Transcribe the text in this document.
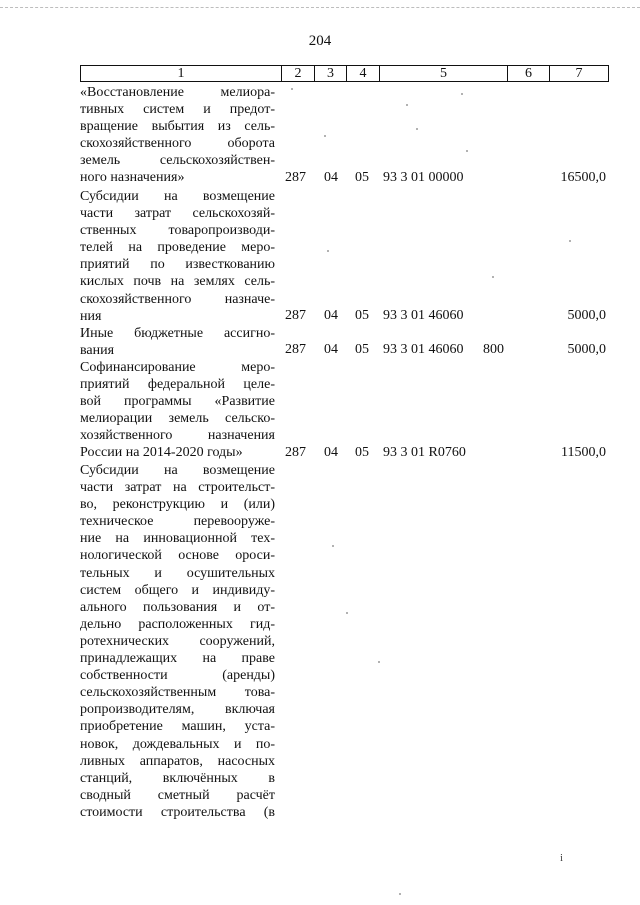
204
1	2	3	4	5	6	7
«Восстановление мелиора-
тивных систем и предот-
вращение выбытия из сель-
скохозяйственного оборота
земель сельскохозяйствен-
ного назначения»	287 04 05 93 3 01 00000	16500,0
Субсидии на возмещение
части затрат сельскохозяй-
ственных товаропроизводи-
телей на проведение меро-
приятий по известкованию
кислых почв на землях сель-
скохозяйственного назначе-
ния	287 04 05 93 3 01 46060	5000,0
Иные бюджетные ассигно-
вания	287 04 05 93 3 01 46060 800	5000,0
Софинансирование меро-
приятий федеральной целе-
вой программы «Развитие
мелиорации земель сельско-
хозяйственного назначения
России на 2014-2020 годы»	287 04 05 93 3 01 R0760	11500,0
Субсидии на возмещение
части затрат на строительст-
во, реконструкцию и (или)
техническое перевооруже-
ние на инновационной тех-
нологической основе ороси-
тельных и осушительных
систем общего и индивиду-
ального пользования и от-
дельно расположенных гид-
ротехнических сооружений,
принадлежащих на праве
собственности (аренды)
сельскохозяйственным това-
ропроизводителям, включая
приобретение машин, уста-
новок, дождевальных и по-
ливных аппаратов, насосных
станций, включённых в
сводный сметный расчёт
стоимости строительства (в
і
